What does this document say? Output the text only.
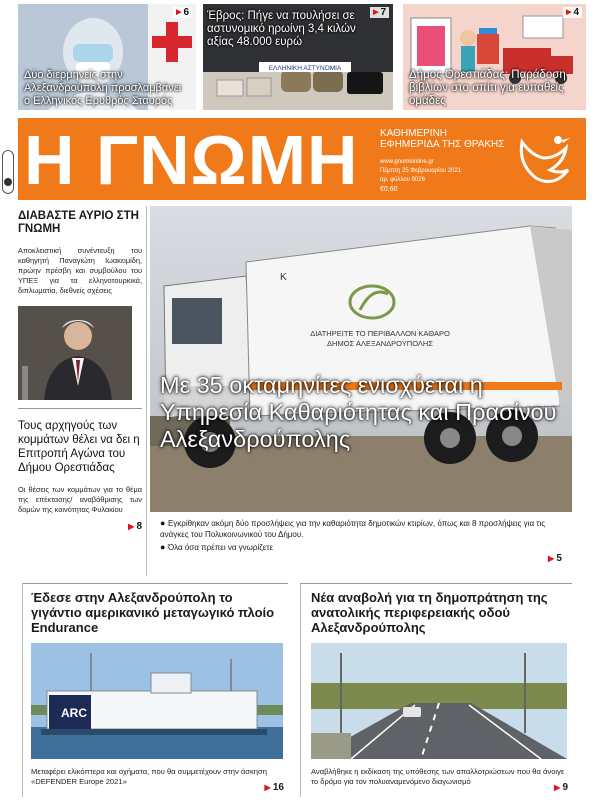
▶ 6
Δύο διερμηνείς στην Αλεξανδρούπολη προσλαμβάνει ο Ελληνικός Ερυθρός Σταυρός
ΕΛΛΗΝΙΚΗ ΑΣΤΥΝΟΜΙΑ
▶ 7
Έβρος: Πήγε να πουλήσει σε αστυνομικό ηρωίνη 3,4 κιλών αξίας 48.000 ευρώ
▶ 4
Δήμος Ορεστιάδας: Παράδοση βιβλίων στο σπίτι για ευπαθείς ομάδες
Η ΓΝΩΜΗ ΚΑΘΗΜΕΡΙΝΗ
ΕΦΗΜΕΡΙΔΑ ΤΗΣ ΘΡΑΚΗΣ
www.gnomionline.gr
Πέμπτη 25 Φεβρουαρίου 2021
αρ. φύλλου 9026
€0,60
ΔΙΑΒΑΣΤΕ ΑΥΡΙΟ ΣΤΗ ΓΝΩΜΗ
Αποκλειστική συνέντευξη του καθηγητή Παναγιώτη Ιωακειμίδη, πρώην πρέσβη και συμβούλου του ΥΠΕΞ για τα ελληνοτουρκικά, διπλωματία, διεθνείς σχέσεις
Τους αρχηγούς των κομμάτων θέλει να δει η Επιτροπή Αγώνα του Δήμου Ορεστιάδας
Οι θέσεις των κομμάτων για το θέμα της επέκτασης/ αναβάθμισης των δομών της κοινότητας Φυλακίου
▶ 8
ΔΙΑΤΗΡΕΙΤΕ ΤΟ ΠΕΡΙΒΑΛΛΟΝ ΚΑΘΑΡΟ
ΔΗΜΟΣ ΑΛΕΞΑΝΔΡΟΥΠΟΛΗΣ
K
Με 35 οκταμηνίτες ενισχύεται η Υπηρεσία Καθαριότητας και Πρασίνου Αλεξανδρούπολης
● Εγκρίθηκαν ακόμη δύο προσλήψεις για την καθαριότητα δημοτικών κτιρίων, όπως και 8 προσλήψεις για τις ανάγκες του Πολυκοινωνικού του Δήμου.
● Όλα όσα πρέπει να γνωρίζετε
▶ 5
Έδεσε στην Αλεξανδρούπολη το γιγάντιο αμερικανικό μεταγωγικό πλοίο Endurance
ARC
Μεταφέρει ελικόπτερα και οχήματα, που θα συμμετέχουν στην άσκηση «DEFENDER Europe 2021»
▶ 16
Νέα αναβολή για τη δημοπράτηση της ανατολικής περιφερειακής οδού Αλεξανδρούπολης
Αναβλήθηκε η εκδίκαση της υπόθεσης των απαλλοτριώσεων που θα άνοιγε το δρόμο για τον πολυαναμενόμενο διαγωνισμό
▶ 9
